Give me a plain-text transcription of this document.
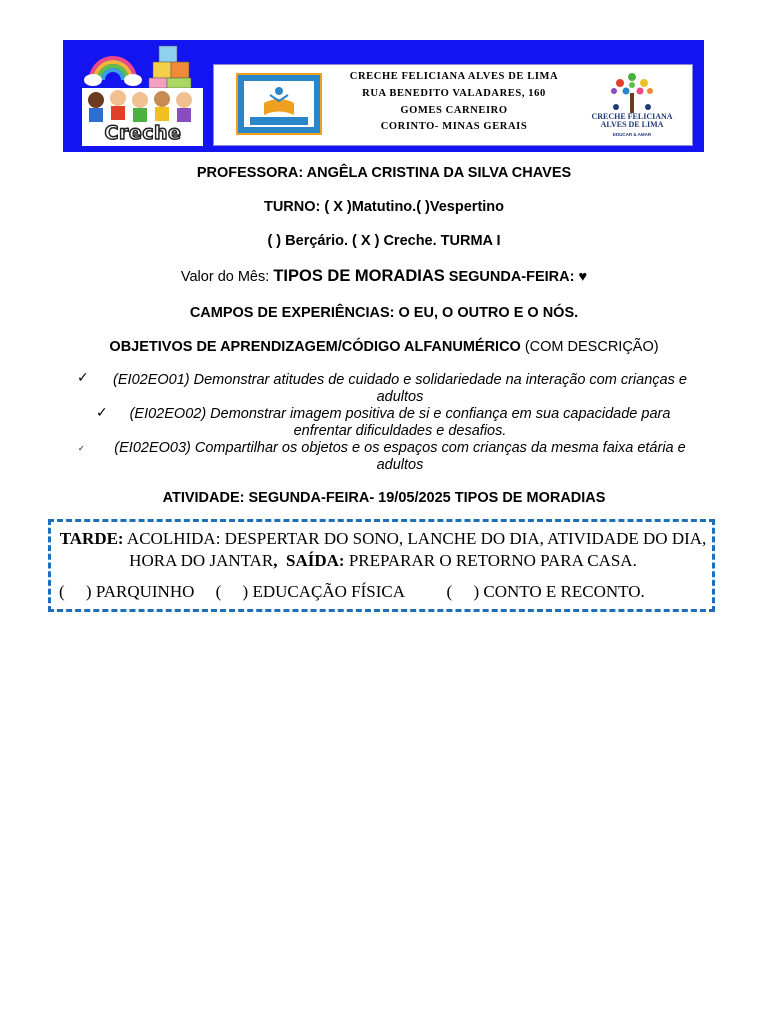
Creche
CRECHE FELICIANA ALVES DE LIMA
RUA BENEDITO VALADARES, 160
GOMES CARNEIRO
CORINTO- MINAS GERAIS
CRECHE FELICIANA ALVES DE LIMA
EDUCAR & AMAR
PROFESSORA: ANGÊLA CRISTINA DA SILVA CHAVES
TURNO: ( X )Matutino.( )Vespertino
( ) Berçário. ( X ) Creche. TURMA I
Valor do Mês: TIPOS DE MORADIAS SEGUNDA-FEIRA: ♥
CAMPOS DE EXPERIÊNCIAS: O EU, O OUTRO E O NÓS.
OBJETIVOS DE APRENDIZAGEM/CÓDIGO ALFANUMÉRICO (COM DESCRIÇÃO)
✓	(EI02EO01) Demonstrar atitudes de cuidado e solidariedade na interação com crianças e
adultos
✓	(EI02EO02) Demonstrar imagem positiva de si e confiança em sua capacidade para
enfrentar dificuldades e desafios.
✓	(EI02EO03) Compartilhar os objetos e os espaços com crianças da mesma faixa etária e
adultos
ATIVIDADE: SEGUNDA-FEIRA- 19/05/2025 TIPOS DE MORADIAS
TARDE: ACOLHIDA: DESPERTAR DO SONO, LANCHE DO DIA, ATIVIDADE DO DIA, HORA DO JANTAR, SAÍDA: PREPARAR O RETORNO PARA CASA.
(     ) PARQUINHO     (     ) EDUCAÇÃO FÍSICA          (     ) CONTO E RECONTO.
